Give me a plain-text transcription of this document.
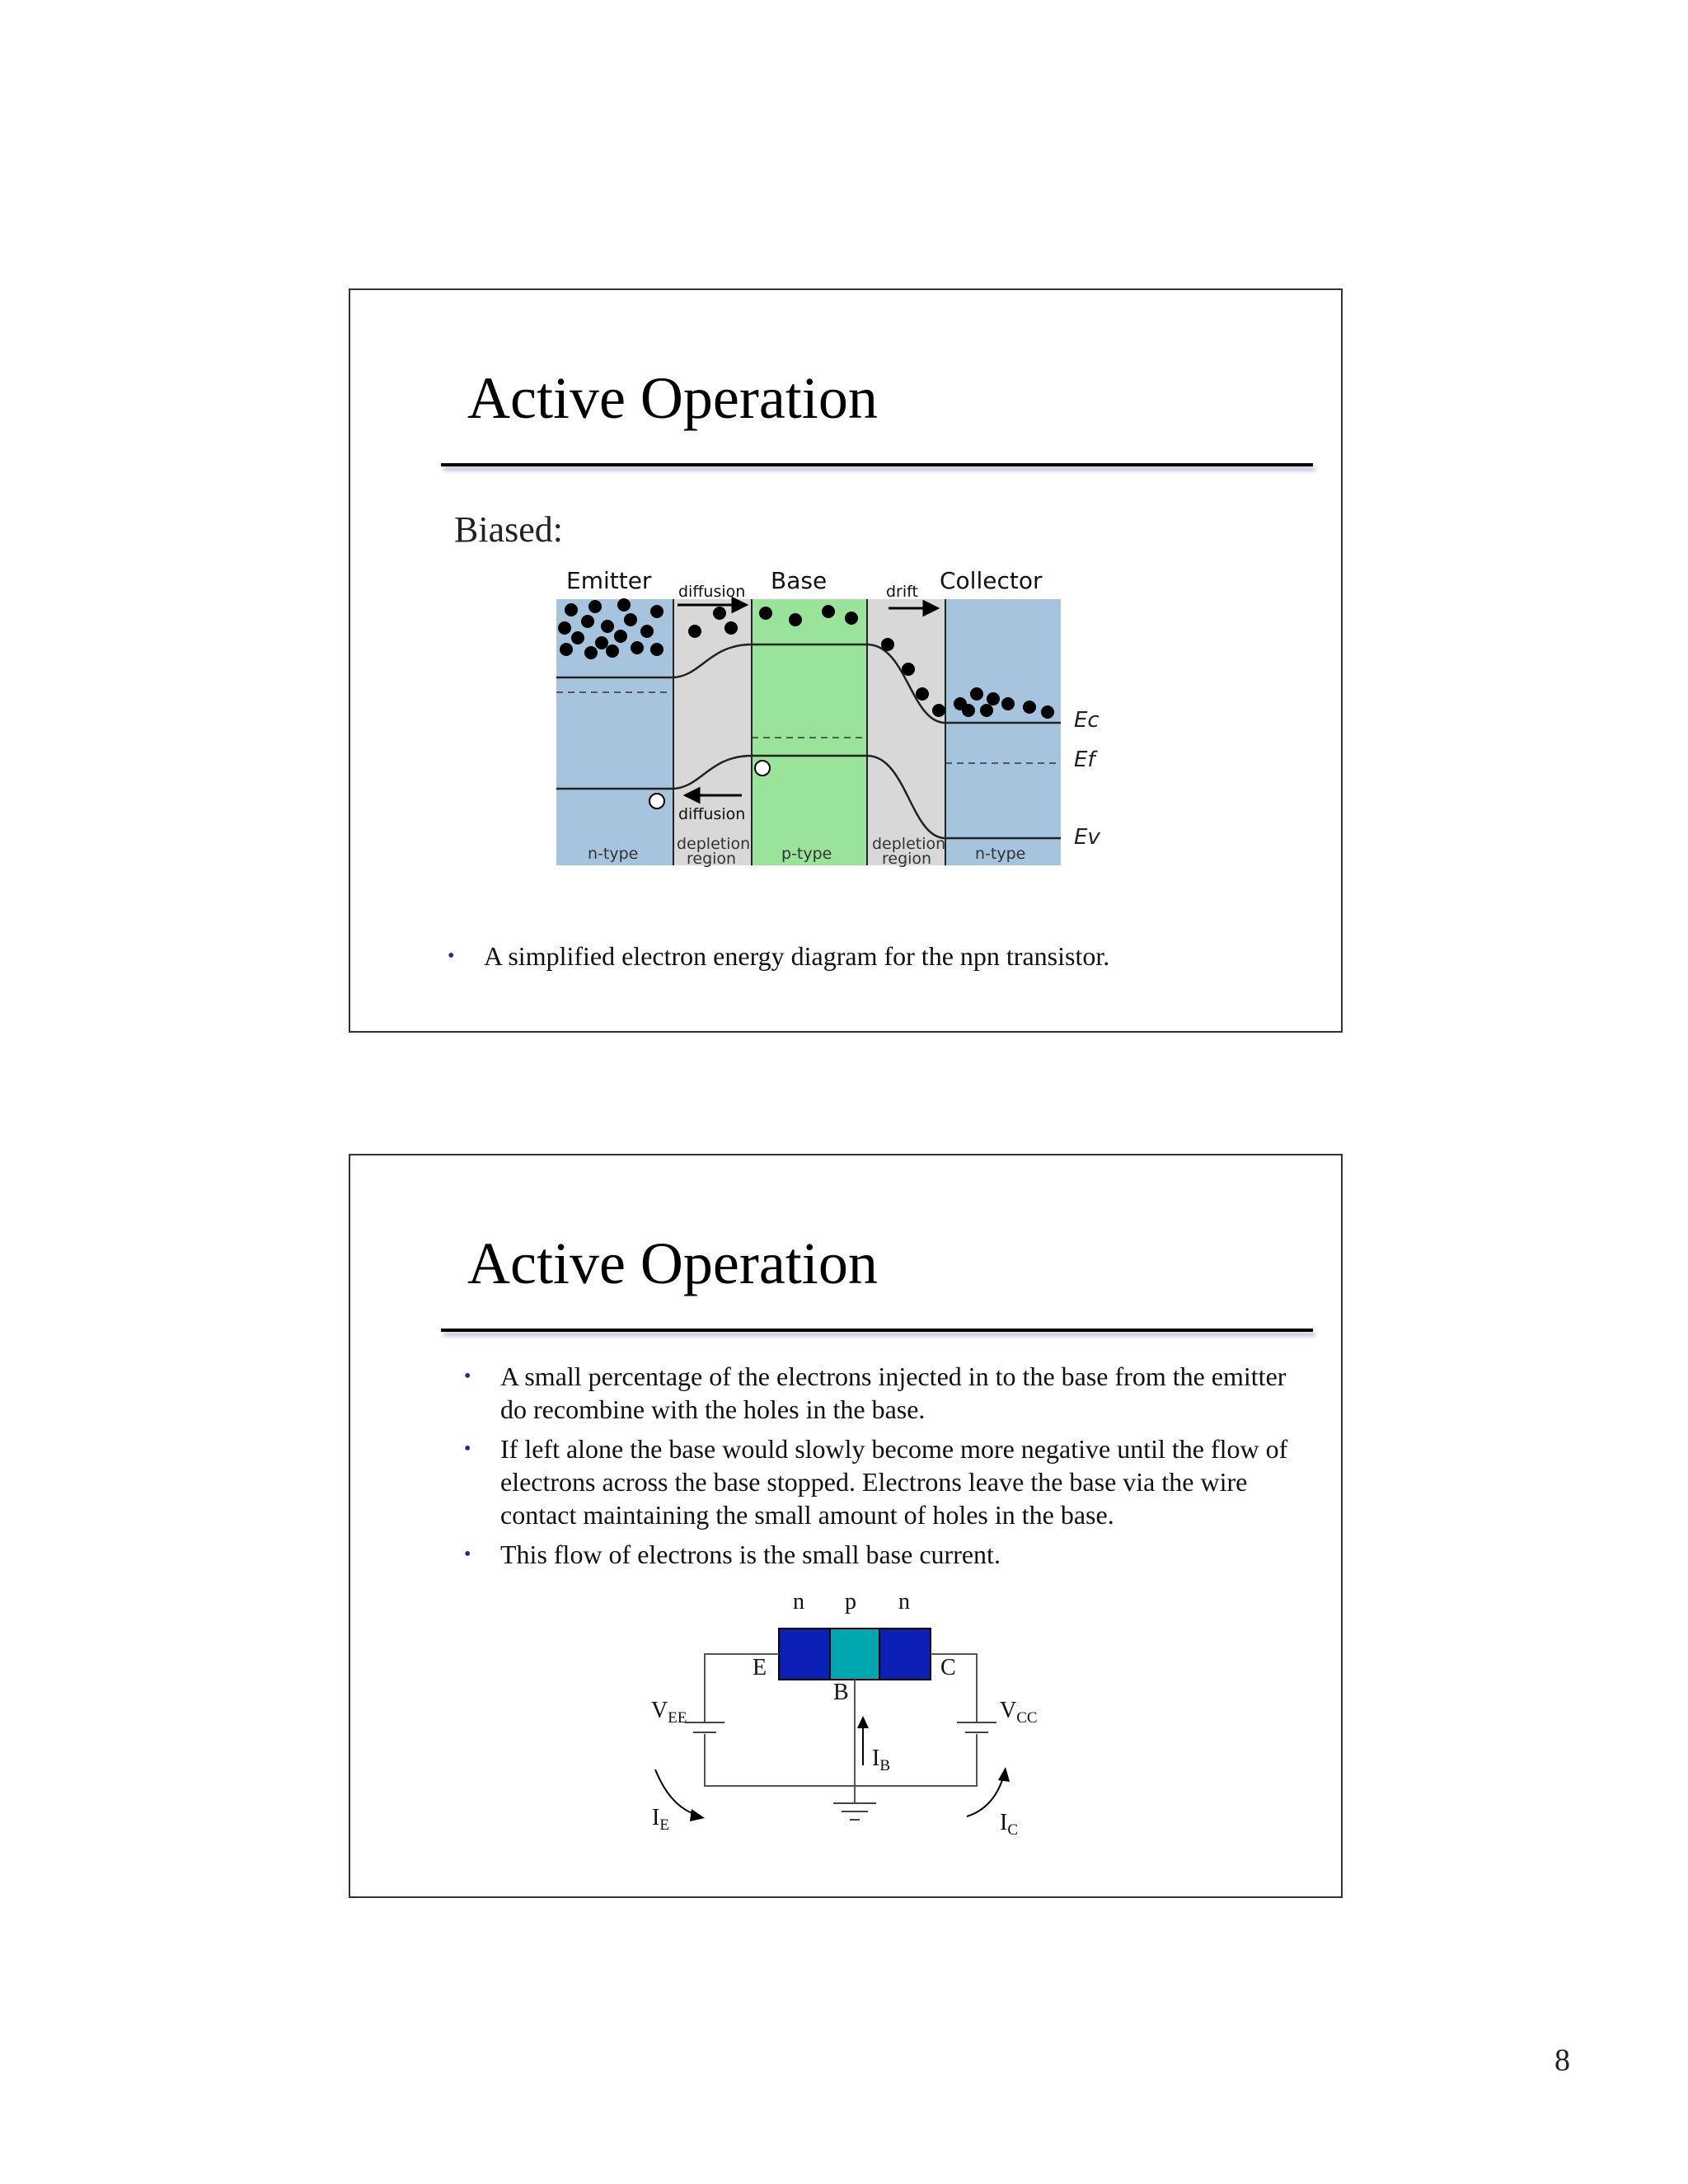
Active Operation
Biased:
Emitter	Base	Collector
diffusion	drift
diffusion
n-type	p-type	n-type
depletion
region
depletion
region
Ec
Ef
Ev
• A simplified electron energy diagram for the npn transistor.
Active Operation
• A small percentage of the electrons injected in to the base from the emitter do recombine with the holes in the base.
• If left alone the base would slowly become more negative until the flow of electrons across the base stopped. Electrons leave the base via the wire contact maintaining the small amount of holes in the base.
• This flow of electrons is the small base current.
n p n
E
B
C
$V_{EE}$	$V_{CC}$
$I_B$
$I_E$	$I_C$
8
